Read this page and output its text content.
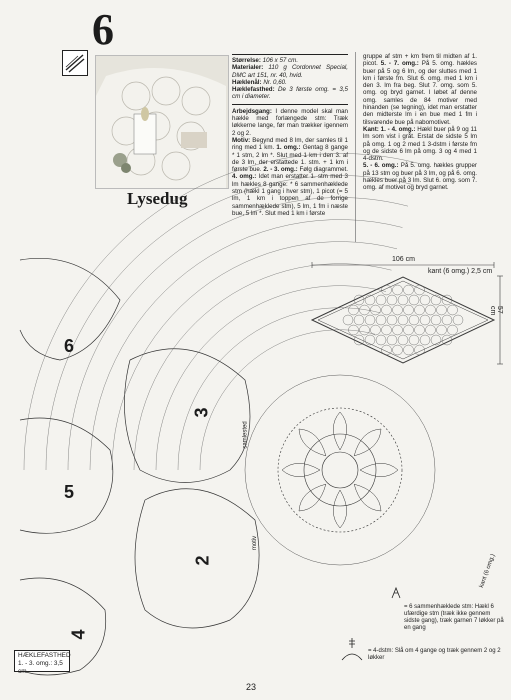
6
Lysedug

Størrelse: 106 x 57 cm.

Materialer: 110 g Cordonnet Special, DMC art 151, nr. 40, hvid.

Hæklenål: Nr. 0,60.

Hæklefasthed: De 3 første omg. = 3,5 cm i diameter.

Arbejdsgang: I denne model skal man hækle med forlængede stm: Træk løkkerne lange, før man trækker igennem 2 og 2.

Motiv: Begynd med 8 lm, der samles til 1 ring med 1 km. 1. omg.: Gentag 8 gange * 1 stm, 2 lm *. Slut med 1 km i den 3. af de 3 lm, der erstattede 1. stm. + 1 km i første bue. 2. - 3. omg.: Følg diagrammet. 4. omg.: Idet man erstatter 1. stm med 3 lm hækles 8 gange: * 6 sammenhæklede stm (hækl 1 gang i hver stm), 1 picot (= 5 lm, 1 km i toppen af de forrige sammenhæklede stm), 5 lm, 1 fm i næste bue, 5 lm *. Slut med 1 km i første

gruppe af stm + km frem til midten af 1. picot. 5. - 7. omg.: På 5. omg. hækles buer på 5 og 6 lm, og der sluttes med 1 km i første fm. Slut 6. omg. med 1 km i den 3. lm fra beg. Slut 7. omg. som 5. omg. og bryd garnet. I løbet af denne omg. samles de 84 motiver med hinanden (se tegning), idet man erstatter den midterste lm i en bue med 1 fm i tilsvarende bue på nabomotivet.

Kant: 1. - 4. omg.: Hækl buer på 9 og 11 lm som vist i gråt. Erstat de sidste 5 lm på omg. 1 og 2 med 1 3-dstm i første fm og de sidste 6 lm på omg. 3 og 4 med 1 4-dstm.

5. - 6. omg.: På 5. omg. hækles grupper på 13 stm og buer på 3 lm, og på 6. omg. hækles buer på 3 lm. Slut 6. omg. som 7. omg. af motivet og bryd garnet.

106 cm
57 cm
kant (6 omg.) 2,5 cm
6
5
4
3
2
samlested
motiv
kant (6 omg.)
= 6 sammenhæklede stm: Hækl 6 ufærdige stm (træk ikke gennem sidste gang), træk garnen 7 løkker på en gang
= 4-dstm: Slå om 4 gange og træk gennem 2 og 2 løkker
HÆKLEFASTHED
1. - 3. omg.: 3,5 cm
23
